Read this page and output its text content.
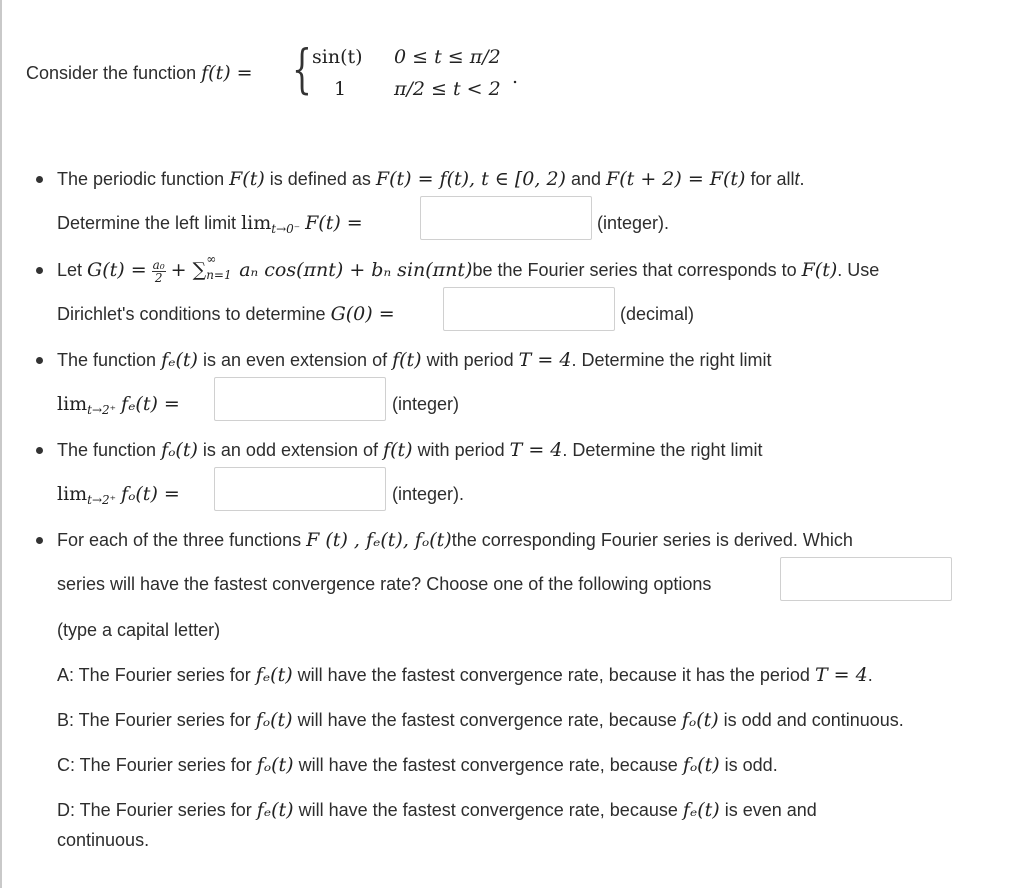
Consider the function f(t) = { sin(t) 0 ≤ t ≤ π/2
1	π/2 ≤ t < 2
.
The periodic function F(t) is defined as F(t) = f(t), t ∈ [0, 2) and F(t + 2) = F(t) for allt.
Determine the left limit $\lim_{t\to 0^-} F(t)$ =	(integer).
Let $G(t) = \frac{\text{a₀}}{2}$ + ∑ ∞
n=1 aₙ cos(πnt) + bₙ sin(πnt)be the Fourier series that corresponds to F(t). Use
Dirichlet's conditions to determine G(0) =	(decimal)
The function fₑ(t) is an even extension of f(t) with period T = 4. Determine the right limit
$\lim_{t\to 2^+} f_e(t)$ =	(integer)
The function fₒ(t) is an odd extension of f(t) with period T = 4. Determine the right limit
$\lim_{t\to 2^+} f_o(t)$ =	(integer).
For each of the three functions F (t) , fₑ(t), fₒ(t)the corresponding Fourier series is derived. Which
series will have the fastest convergence rate? Choose one of the following options
(type a capital letter)
A: The Fourier series for fₑ(t) will have the fastest convergence rate, because it has the period T = 4.
B: The Fourier series for fₒ(t) will have the fastest convergence rate, because fₒ(t) is odd and continuous.
C: The Fourier series for fₒ(t) will have the fastest convergence rate, because fₒ(t) is odd.
D: The Fourier series for fₑ(t) will have the fastest convergence rate, because fₑ(t) is even and
continuous.
